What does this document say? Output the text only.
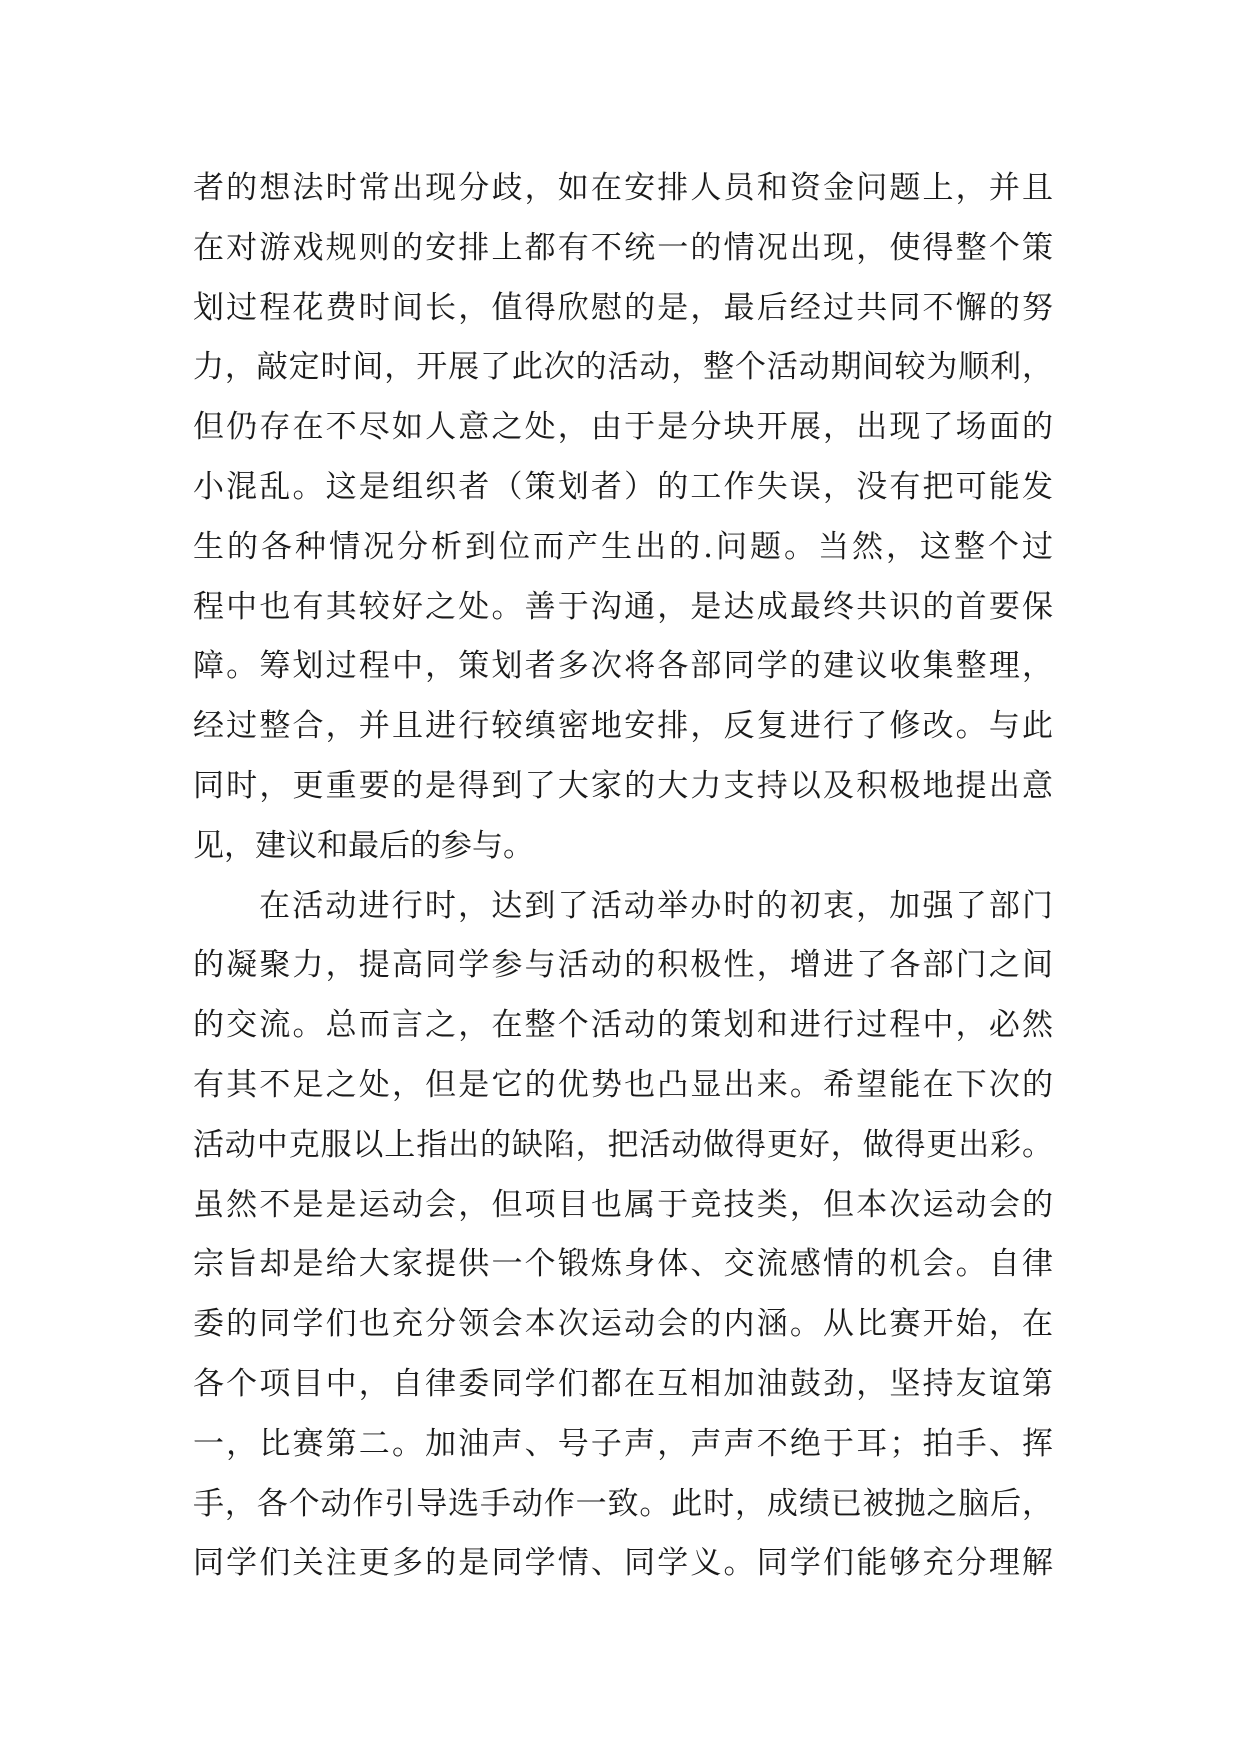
者的想法时常出现分歧，如在安排人员和资金问题上，并且
在对游戏规则的安排上都有不统一的情况出现，使得整个策
划过程花费时间长，值得欣慰的是，最后经过共同不懈的努
力，敲定时间，开展了此次的活动，整个活动期间较为顺利，
但仍存在不尽如人意之处，由于是分块开展，出现了场面的
小混乱。这是组织者（策划者）的工作失误，没有把可能发
生的各种情况分析到位而产生出的.问题。当然，这整个过
程中也有其较好之处。善于沟通，是达成最终共识的首要保
障。筹划过程中，策划者多次将各部同学的建议收集整理，
经过整合，并且进行较缜密地安排，反复进行了修改。与此
同时，更重要的是得到了大家的大力支持以及积极地提出意
见，建议和最后的参与。
在活动进行时，达到了活动举办时的初衷，加强了部门
的凝聚力，提高同学参与活动的积极性，增进了各部门之间
的交流。总而言之，在整个活动的策划和进行过程中，必然
有其不足之处，但是它的优势也凸显出来。希望能在下次的
活动中克服以上指出的缺陷，把活动做得更好，做得更出彩。
虽然不是是运动会，但项目也属于竞技类，但本次运动会的
宗旨却是给大家提供一个锻炼身体、交流感情的机会。自律
委的同学们也充分领会本次运动会的内涵。从比赛开始，在
各个项目中，自律委同学们都在互相加油鼓劲，坚持友谊第
一，比赛第二。加油声、号子声，声声不绝于耳；拍手、挥
手，各个动作引导选手动作一致。此时，成绩已被抛之脑后，
同学们关注更多的是同学情、同学义。同学们能够充分理解
